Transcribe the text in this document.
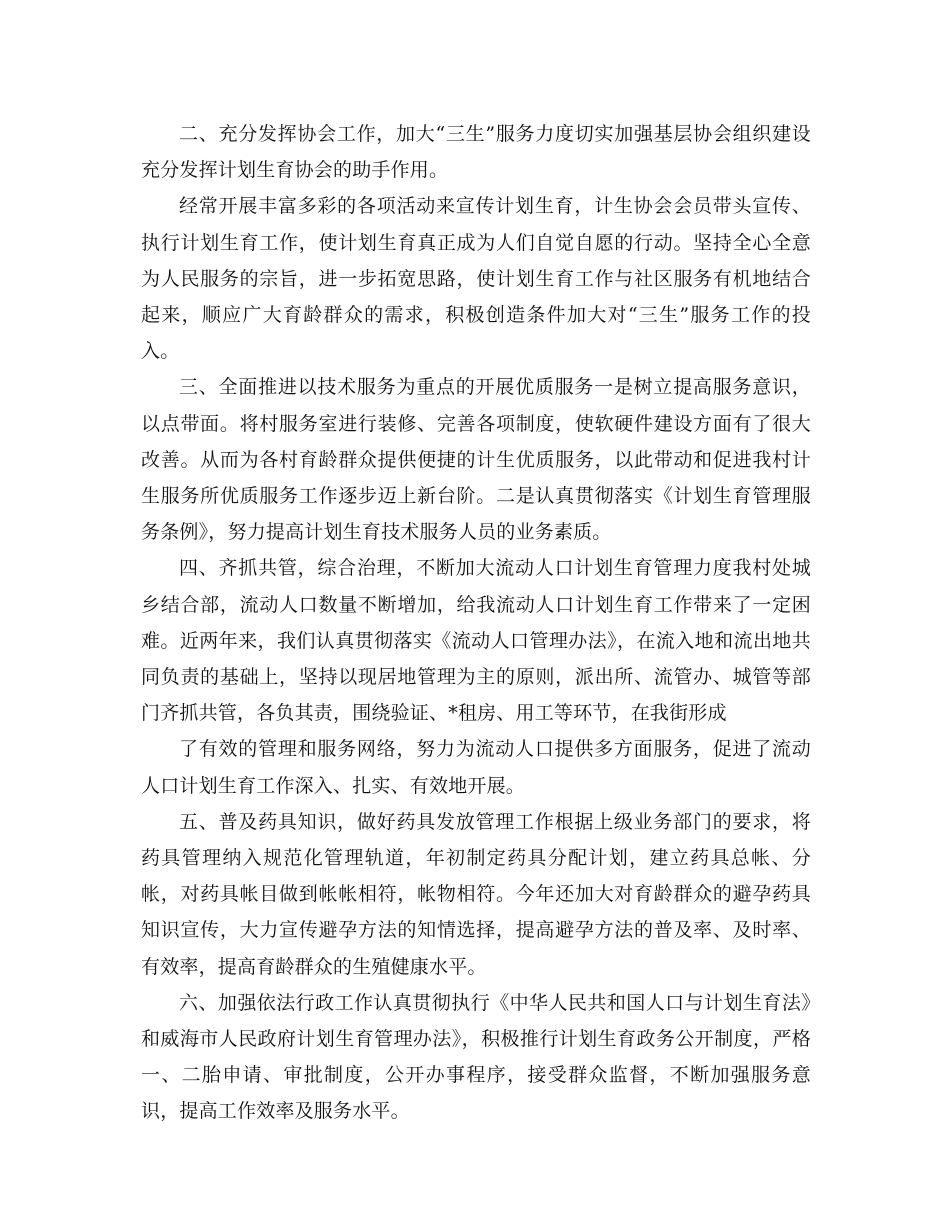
二、充分发挥协会工作，加大“三生”服务力度切实加强基层协会组织建设充分发挥计划生育协会的助手作用。

经常开展丰富多彩的各项活动来宣传计划生育，计生协会会员带头宣传、执行计划生育工作，使计划生育真正成为人们自觉自愿的行动。坚持全心全意为人民服务的宗旨，进一步拓宽思路，使计划生育工作与社区服务有机地结合起来，顺应广大育龄群众的需求，积极创造条件加大对“三生”服务工作的投入。

三、全面推进以技术服务为重点的开展优质服务一是树立提高服务意识，以点带面。将村服务室进行装修、完善各项制度，使软硬件建设方面有了很大改善。从而为各村育龄群众提供便捷的计生优质服务，以此带动和促进我村计生服务所优质服务工作逐步迈上新台阶。二是认真贯彻落实《计划生育管理服务条例》，努力提高计划生育技术服务人员的业务素质。

四、齐抓共管，综合治理，不断加大流动人口计划生育管理力度我村处城乡结合部，流动人口数量不断增加，给我流动人口计划生育工作带来了一定困难。近两年来，我们认真贯彻落实《流动人口管理办法》，在流入地和流出地共同负责的基础上，坚持以现居地管理为主的原则，派出所、流管办、城管等部门齐抓共管，各负其责，围绕验证、*租房、用工等环节，在我街形成

了有效的管理和服务网络，努力为流动人口提供多方面服务，促进了流动人口计划生育工作深入、扎实、有效地开展。

五、普及药具知识，做好药具发放管理工作根据上级业务部门的要求，将药具管理纳入规范化管理轨道，年初制定药具分配计划，建立药具总帐、分帐，对药具帐目做到帐帐相符，帐物相符。今年还加大对育龄群众的避孕药具知识宣传，大力宣传避孕方法的知情选择，提高避孕方法的普及率、及时率、有效率，提高育龄群众的生殖健康水平。

六、加强依法行政工作认真贯彻执行《中华人民共和国人口与计划生育法》和威海市人民政府计划生育管理办法》，积极推行计划生育政务公开制度，严格一、二胎申请、审批制度，公开办事程序，接受群众监督，不断加强服务意识，提高工作效率及服务水平。
